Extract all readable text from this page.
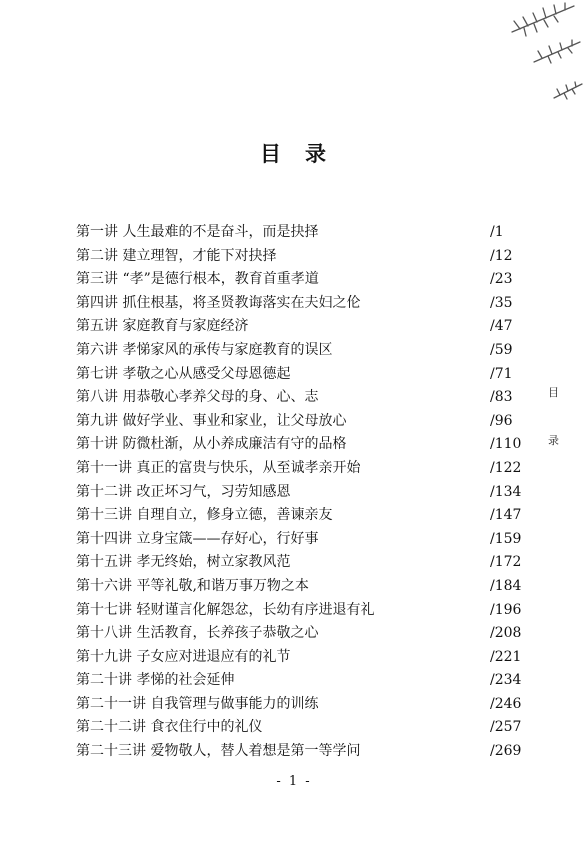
目 录
第一讲 人生最难的不是奋斗，而是抉择	/1
第二讲 建立理智，才能下对抉择	/12
第三讲 “孝”是德行根本，教育首重孝道	/23
第四讲 抓住根基，将圣贤教诲落实在夫妇之伦	/35
第五讲 家庭教育与家庭经济	/47
第六讲 孝悌家风的承传与家庭教育的误区	/59
第七讲 孝敬之心从感受父母恩德起	/71
第八讲 用恭敬心孝养父母的身、心、志	/83
第九讲 做好学业、事业和家业，让父母放心	/96
第十讲 防微杜渐，从小养成廉洁有守的品格	/110
第十一讲 真正的富贵与快乐，从至诚孝亲开始	/122
第十二讲 改正坏习气，习劳知感恩	/134
第十三讲 自理自立，修身立德，善谏亲友	/147
第十四讲 立身宝箴——存好心，行好事	/159
第十五讲 孝无终始，树立家教风范	/172
第十六讲 平等礼敬,和谐万事万物之本	/184
第十七讲 轻财谨言化解怨忿，长幼有序进退有礼	/196
第十八讲 生活教育，长养孩子恭敬之心	/208
第十九讲 子女应对进退应有的礼节	/221
第二十讲 孝悌的社会延伸	/234
第二十一讲 自我管理与做事能力的训练	/246
第二十二讲 食衣住行中的礼仪	/257
第二十三讲 爱物敬人，替人着想是第一等学问	/269
目
录
- 1 -
